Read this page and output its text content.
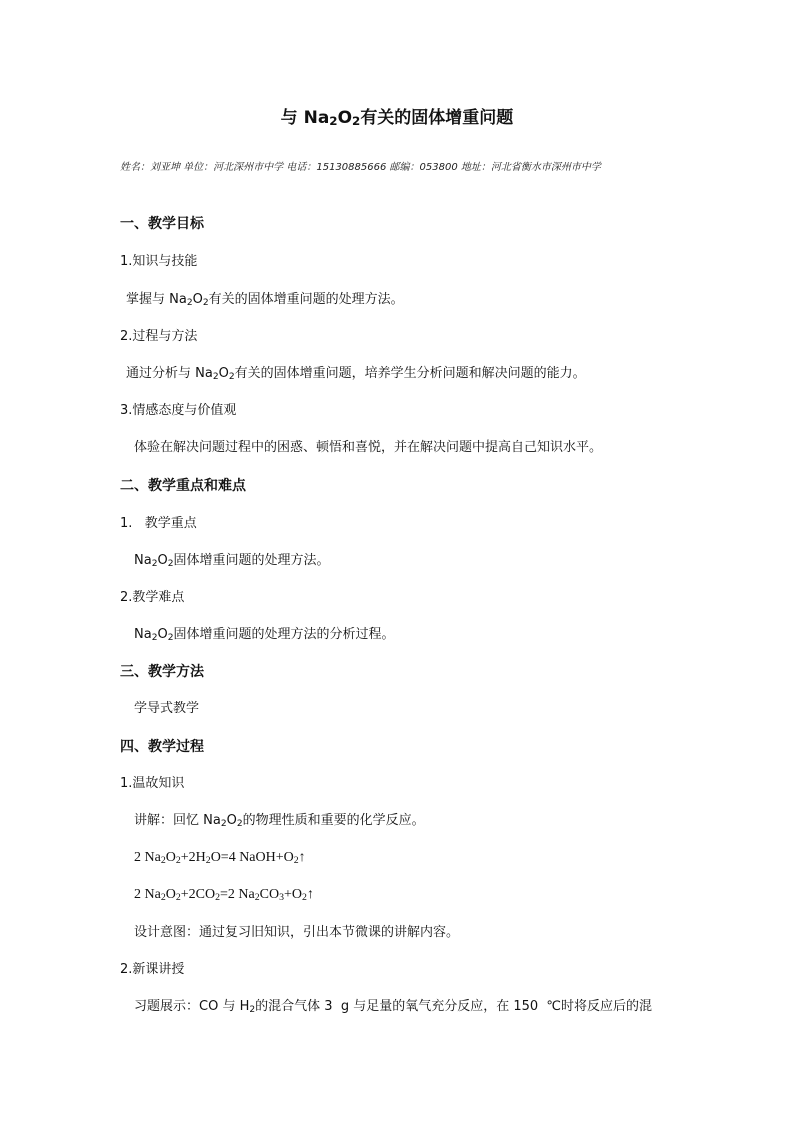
与 $Na_2O_2$有关的固体增重问题
姓名：刘亚坤 单位：河北深州市中学 电话：15130885666 邮编：053800 地址：河北省衡水市深州市中学
一、教学目标
1.知识与技能
掌握与 $Na_2O_2$有关的固体增重问题的处理方法。
2.过程与方法
通过分析与 $Na_2O_2$有关的固体增重问题，培养学生分析问题和解决问题的能力。
3.情感态度与价值观
体验在解决问题过程中的困惑、顿悟和喜悦，并在解决问题中提高自己知识水平。
二、教学重点和难点
1.   教学重点
$Na_2O_2$固体增重问题的处理方法。
2.教学难点
$Na_2O_2$固体增重问题的处理方法的分析过程。
三、教学方法
学导式教学
四、教学过程
1.温故知识
讲解：回忆 $Na_2O_2$的物理性质和重要的化学反应。
2 $Na_2O_2+2H_2O=4$ $NaOH+O_2↑$
2 $Na_2O_2+2CO_2=2$ $Na_2CO_3+O_2↑$
设计意图：通过复习旧知识，引出本节微课的讲解内容。
2.新课讲授
习题展示：CO 与 $H_2$的混合气体 3  g 与足量的氧气充分反应，在 150  ℃时将反应后的混
